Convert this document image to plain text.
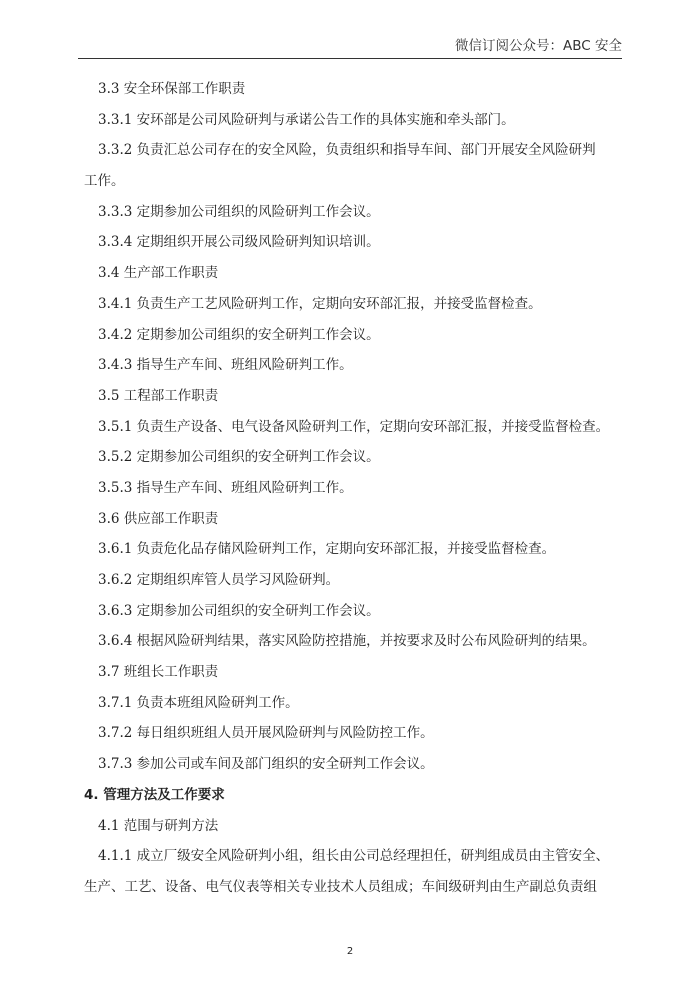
微信订阅公众号：ABC 安全
3.3 安全环保部工作职责
3.3.1 安环部是公司风险研判与承诺公告工作的具体实施和牵头部门。
3.3.2 负责汇总公司存在的安全风险，负责组织和指导车间、部门开展安全风险研判
工作。
3.3.3 定期参加公司组织的风险研判工作会议。
3.3.4 定期组织开展公司级风险研判知识培训。
3.4 生产部工作职责
3.4.1 负责生产工艺风险研判工作，定期向安环部汇报，并接受监督检查。
3.4.2 定期参加公司组织的安全研判工作会议。
3.4.3 指导生产车间、班组风险研判工作。
3.5 工程部工作职责
3.5.1 负责生产设备、电气设备风险研判工作，定期向安环部汇报，并接受监督检查。
3.5.2 定期参加公司组织的安全研判工作会议。
3.5.3 指导生产车间、班组风险研判工作。
3.6 供应部工作职责
3.6.1 负责危化品存储风险研判工作，定期向安环部汇报，并接受监督检查。
3.6.2 定期组织库管人员学习风险研判。
3.6.3 定期参加公司组织的安全研判工作会议。
3.6.4 根据风险研判结果，落实风险防控措施，并按要求及时公布风险研判的结果。
3.7 班组长工作职责
3.7.1 负责本班组风险研判工作。
3.7.2 每日组织班组人员开展风险研判与风险防控工作。
3.7.3 参加公司或车间及部门组织的安全研判工作会议。
4. 管理方法及工作要求
4.1 范围与研判方法
4.1.1 成立厂级安全风险研判小组，组长由公司总经理担任，研判组成员由主管安全、
生产、工艺、设备、电气仪表等相关专业技术人员组成；车间级研判由生产副总负责组
2
